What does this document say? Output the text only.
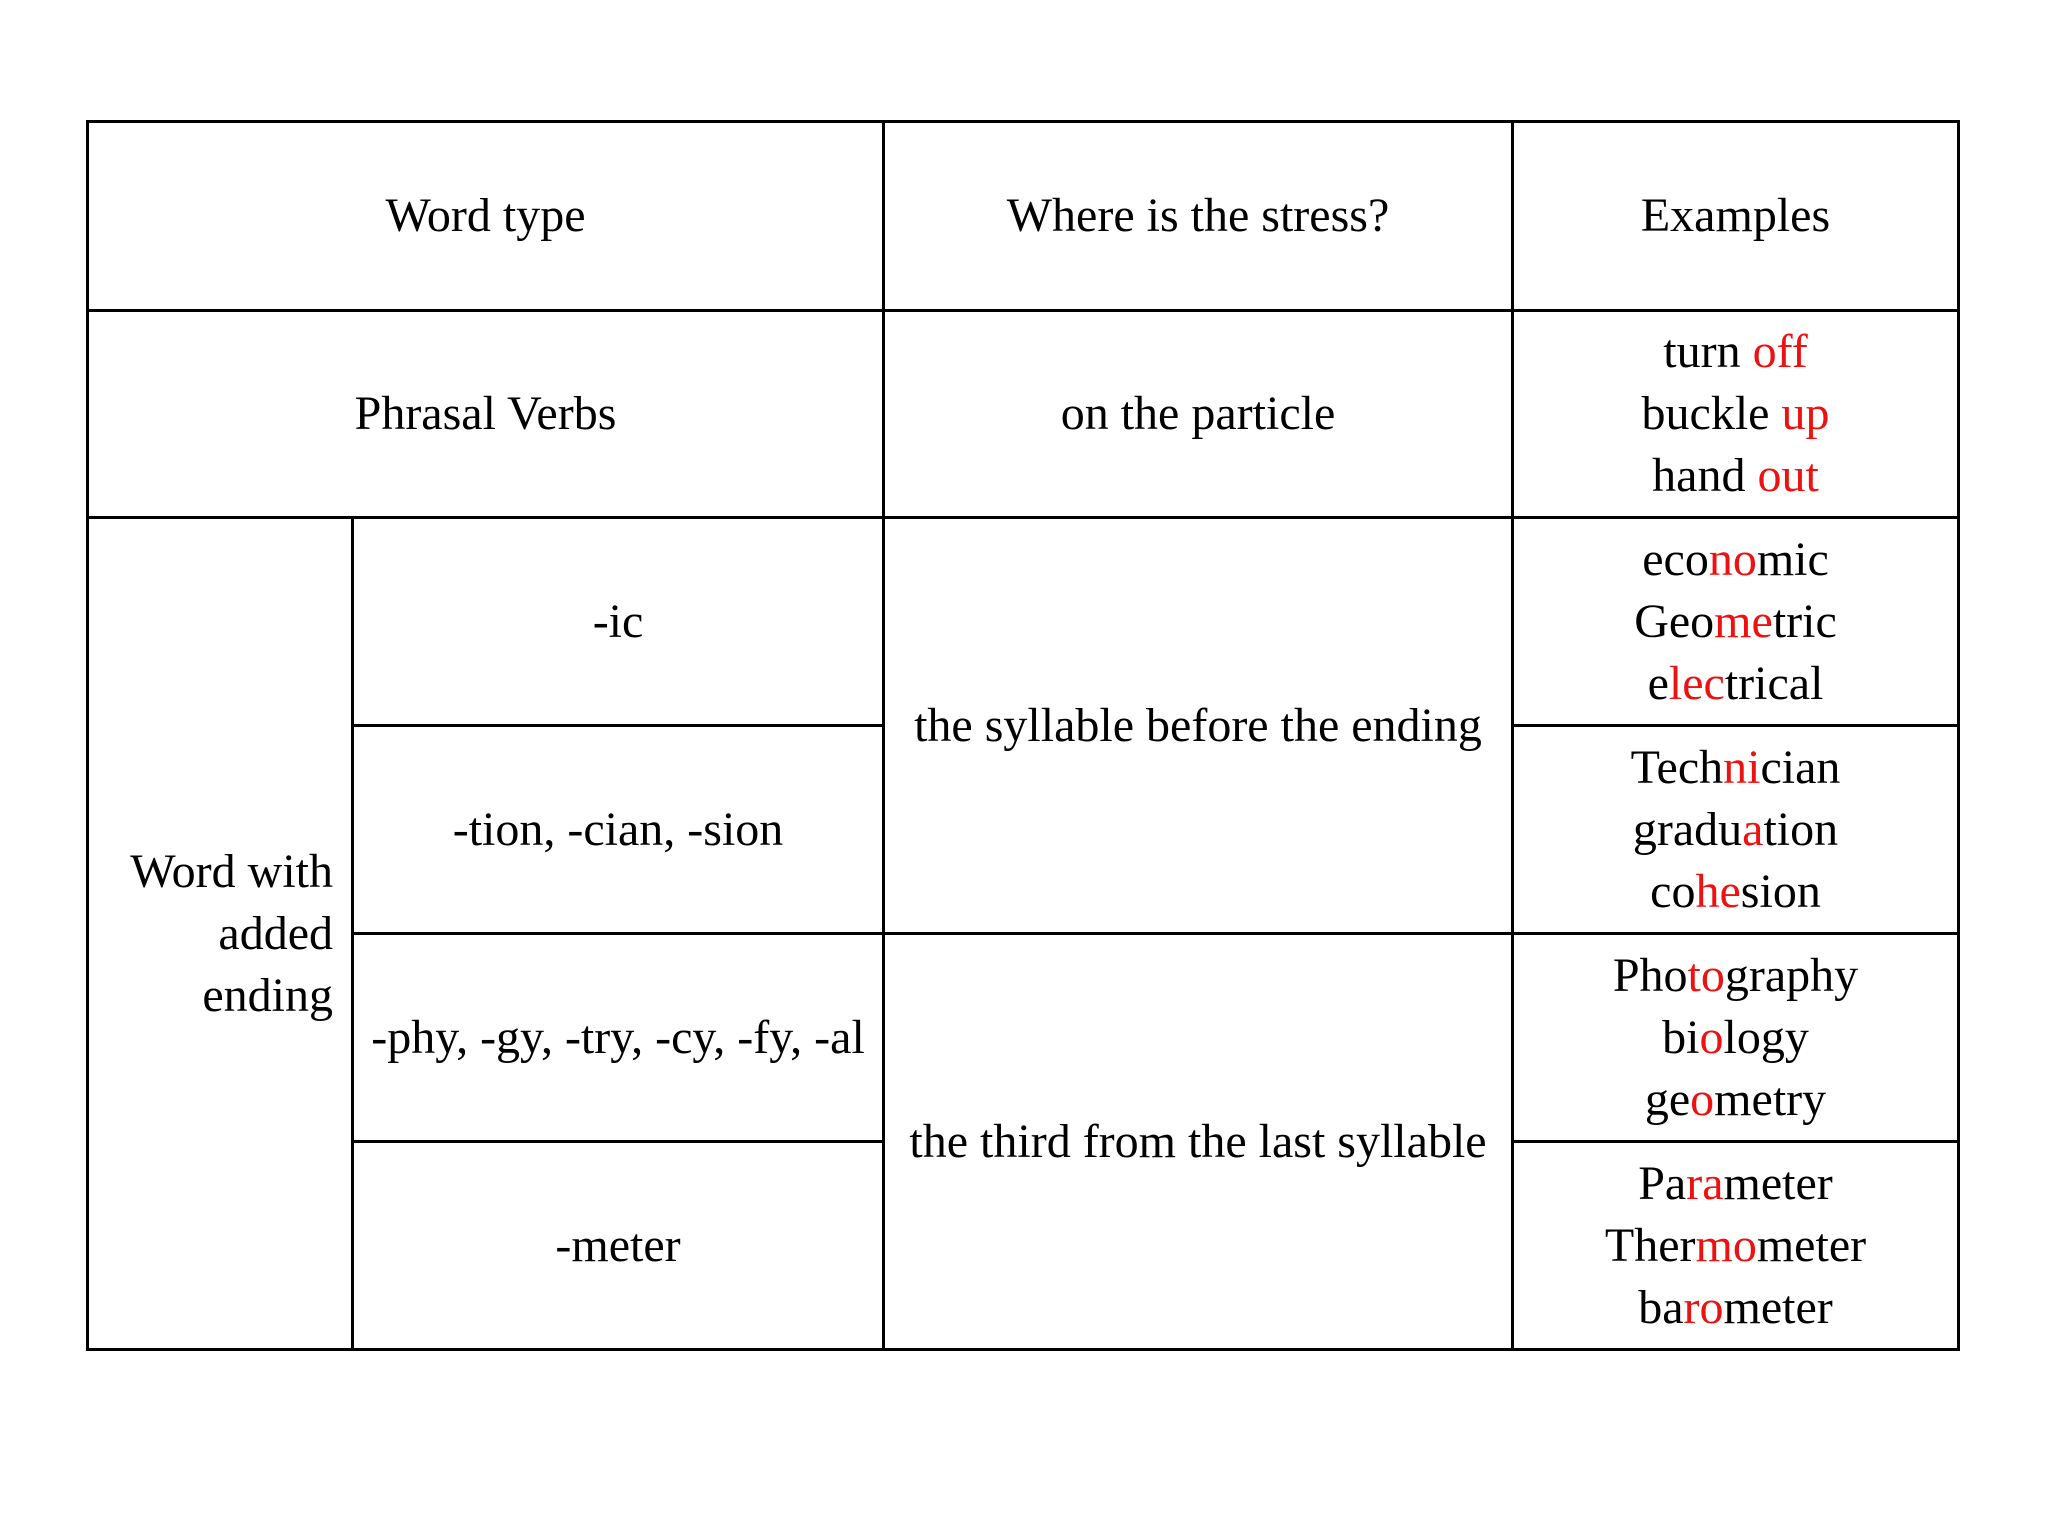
Word type		Where is the stress?	Examples
Phrasal Verbs		on the particle	turn off
buckle up
hand out

Word with added ending	-ic	the syllable before the ending	economic
Geometric
electrical

	-tion, -cian, -sion		Technician
graduation
cohesion

	-phy, -gy, -try, -cy, -fy, -al	the third from the last syllable	Photography
biology
geometry

	-meter		Parameter
Thermometer
barometer
